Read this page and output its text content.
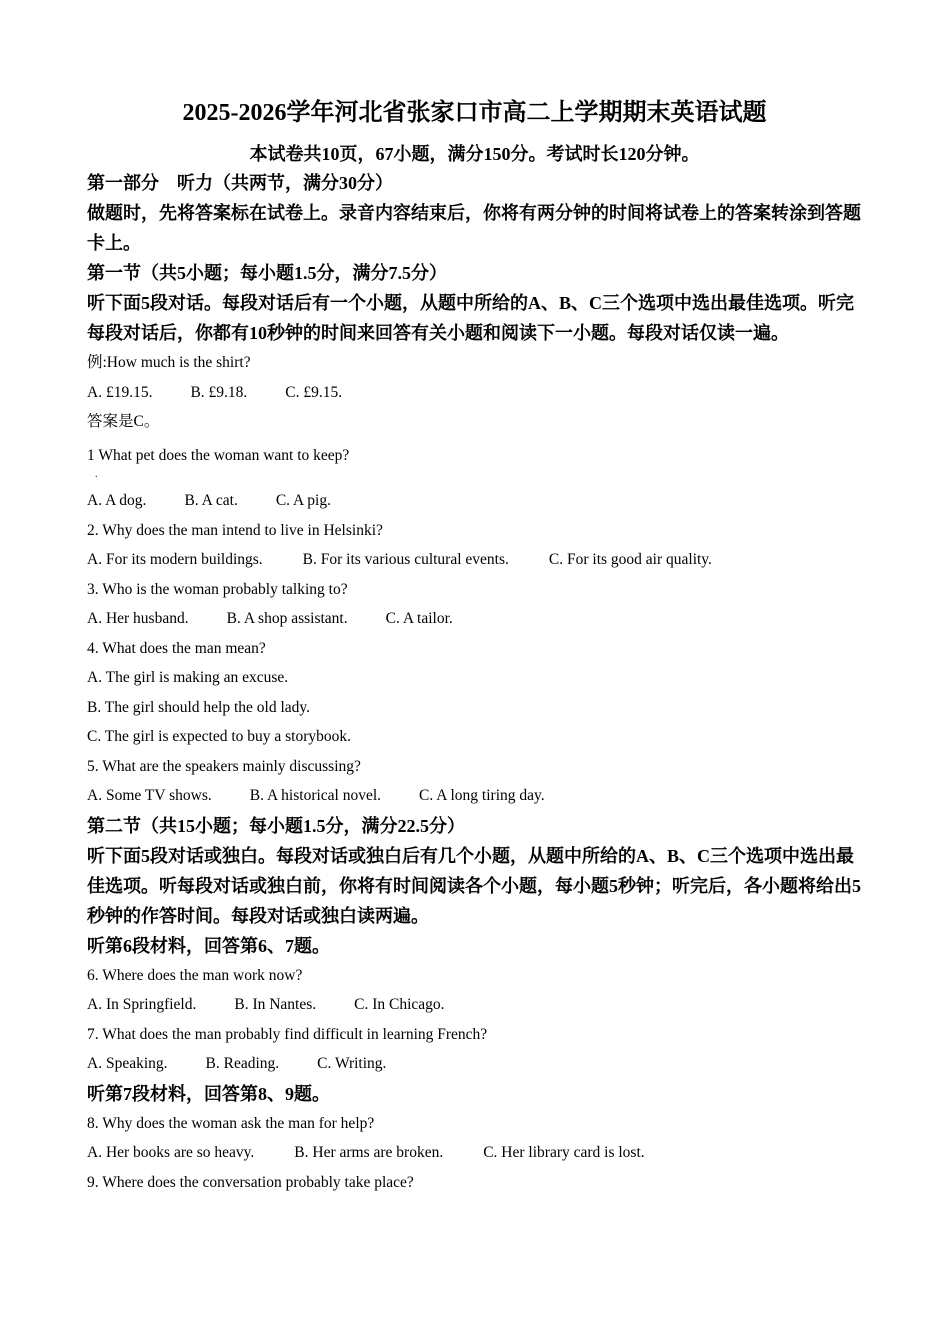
2025-2026学年河北省张家口市高二上学期期末英语试题
本试卷共10页，67小题，满分150分。考试时长120分钟。
第一部分　听力（共两节，满分30分）
做题时，先将答案标在试卷上。录音内容结束后，你将有两分钟的时间将试卷上的答案转涂到答题卡上。
第一节（共5小题；每小题1.5分，满分7.5分）
听下面5段对话。每段对话后有一个小题，从题中所给的A、B、C三个选项中选出最佳选项。听完每段对话后，你都有10秒钟的时间来回答有关小题和阅读下一小题。每段对话仅读一遍。
例:How much is the shirt?
A. £19.15. B. £9.18. C. £9.15.
答案是C。
1 What pet does the woman want to keep?
.
A. A dog. B. A cat. C. A pig.
2. Why does the man intend to live in Helsinki?
A. For its modern buildings.	B. For its various cultural events.	C. For its good air quality.
3. Who is the woman probably talking to?
A. Her husband. B. A shop assistant. C. A tailor.
4. What does the man mean?
A. The girl is making an excuse.
B. The girl should help the old lady.
C. The girl is expected to buy a storybook.
5. What are the speakers mainly discussing?
A. Some TV shows. B. A historical novel. C. A long tiring day.
第二节（共15小题；每小题1.5分，满分22.5分）
听下面5段对话或独白。每段对话或独白后有几个小题，从题中所给的A、B、C三个选项中选出最佳选项。听每段对话或独白前，你将有时间阅读各个小题，每小题5秒钟；听完后，各小题将给出5秒钟的作答时间。每段对话或独白读两遍。
听第6段材料，回答第6、7题。
6. Where does the man work now?
A. In Springfield. B. In Nantes. C. In Chicago.
7. What does the man probably find difficult in learning French?
A. Speaking. B. Reading. C. Writing.
听第7段材料，回答第8、9题。
8. Why does the woman ask the man for help?
A. Her books are so heavy.	B. Her arms are broken.	C. Her library card is lost.
9. Where does the conversation probably take place?
